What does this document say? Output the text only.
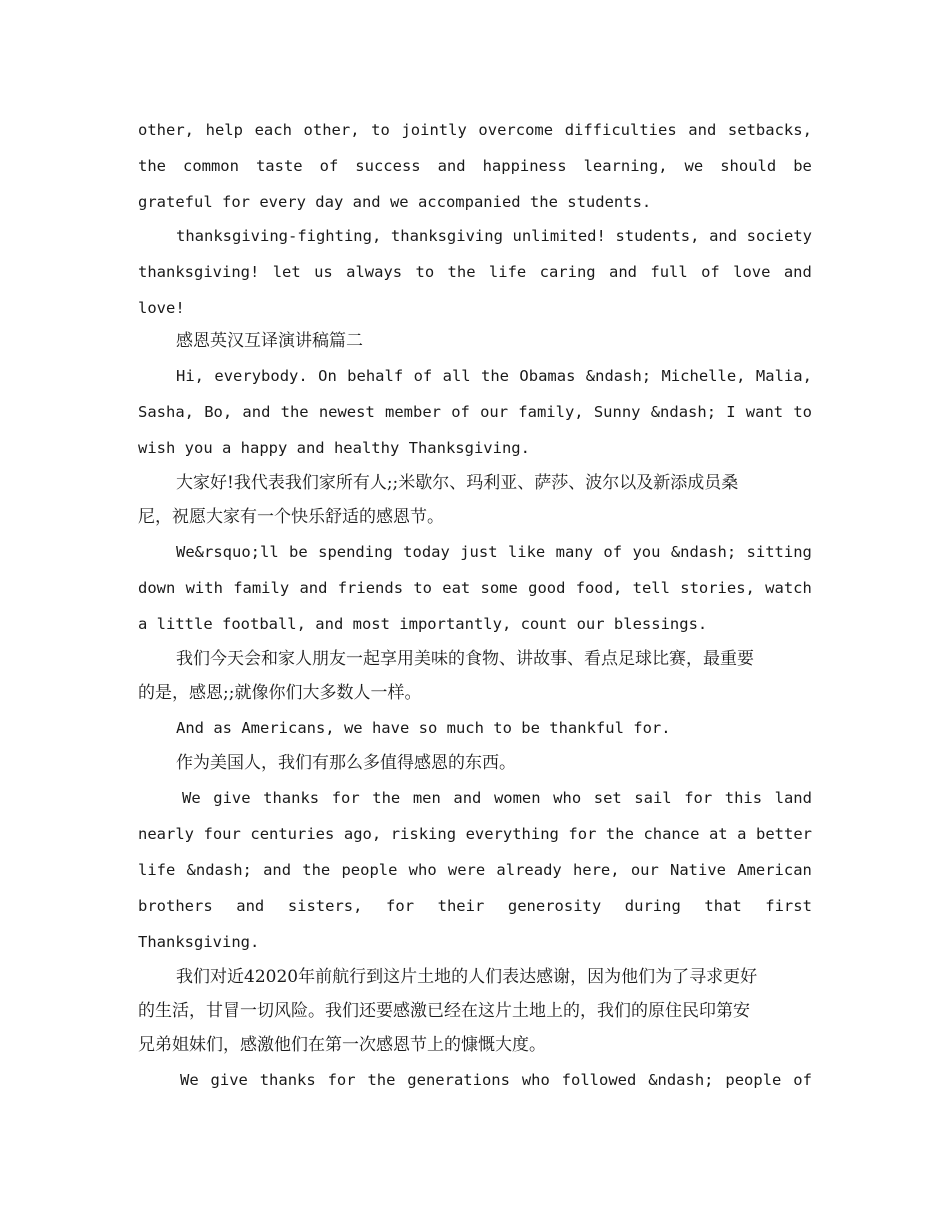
other, help each other, to jointly overcome difficulties and setbacks,
the common taste of success and happiness learning, we should be
grateful for every day and we accompanied the students.
thanksgiving-fighting, thanksgiving unlimited! students, and society
thanksgiving! let us always to the life caring and full of love and
love!
感恩英汉互译演讲稿篇二
Hi, everybody. On behalf of all the Obamas &ndash; Michelle, Malia,
Sasha, Bo, and the newest member of our family, Sunny &ndash; I want to
wish you a happy and healthy Thanksgiving.
大家好!我代表我们家所有人;;米歇尔、玛利亚、萨莎、波尔以及新添成员桑
尼，祝愿大家有一个快乐舒适的感恩节。
We&rsquo;ll be spending today just like many of you &ndash; sitting
down with family and friends to eat some good food, tell stories, watch
a little football, and most importantly, count our blessings.
我们今天会和家人朋友一起享用美味的食物、讲故事、看点足球比赛，最重要
的是，感恩;;就像你们大多数人一样。
And as Americans, we have so much to be thankful for.
作为美国人，我们有那么多值得感恩的东西。
We give thanks for the men and women who set sail for this land
nearly four centuries ago, risking everything for the chance at a better
life &ndash; and the people who were already here, our Native American
brothers and sisters, for their generosity during that first
Thanksgiving.
我们对近42020年前航行到这片土地的人们表达感谢，因为他们为了寻求更好
的生活，甘冒一切风险。我们还要感激已经在这片土地上的，我们的原住民印第安
兄弟姐妹们，感激他们在第一次感恩节上的慷慨大度。
We give thanks for the generations who followed &ndash; people of
